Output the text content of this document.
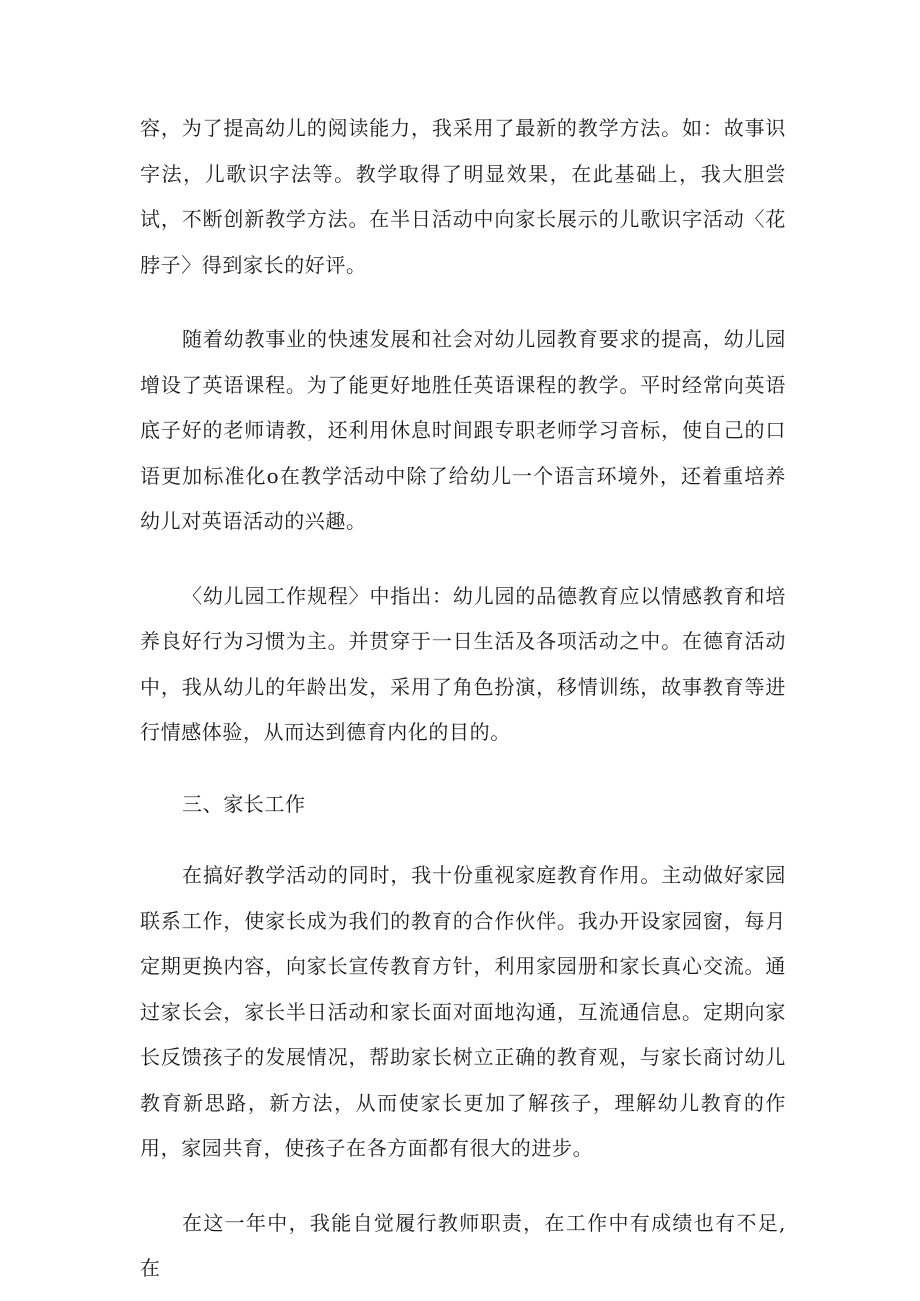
容，为了提高幼儿的阅读能力，我采用了最新的教学方法。如：故事识字法，儿歌识字法等。教学取得了明显效果，在此基础上，我大胆尝试，不断创新教学方法。在半日活动中向家长展示的儿歌识字活动〈花脖子〉得到家长的好评。

随着幼教事业的快速发展和社会对幼儿园教育要求的提高，幼儿园增设了英语课程。为了能更好地胜任英语课程的教学。平时经常向英语底子好的老师请教，还利用休息时间跟专职老师学习音标，使自己的口语更加标准化o在教学活动中除了给幼儿一个语言环境外，还着重培养幼儿对英语活动的兴趣。

〈幼儿园工作规程〉中指出：幼儿园的品德教育应以情感教育和培养良好行为习惯为主。并贯穿于一日生活及各项活动之中。在德育活动中，我从幼儿的年龄出发，采用了角色扮演，移情训练，故事教育等进行情感体验，从而达到德育内化的目的。

三、家长工作

在搞好教学活动的同时，我十份重视家庭教育作用。主动做好家园联系工作，使家长成为我们的教育的合作伙伴。我办开设家园窗，每月定期更换内容，向家长宣传教育方针，利用家园册和家长真心交流。通过家长会，家长半日活动和家长面对面地沟通，互流通信息。定期向家长反馈孩子的发展情况，帮助家长树立正确的教育观，与家长商讨幼儿教育新思路，新方法，从而使家长更加了解孩子，理解幼儿教育的作用，家园共育，使孩子在各方面都有很大的进步。

在这一年中，我能自觉履行教师职责，在工作中有成绩也有不足,在
